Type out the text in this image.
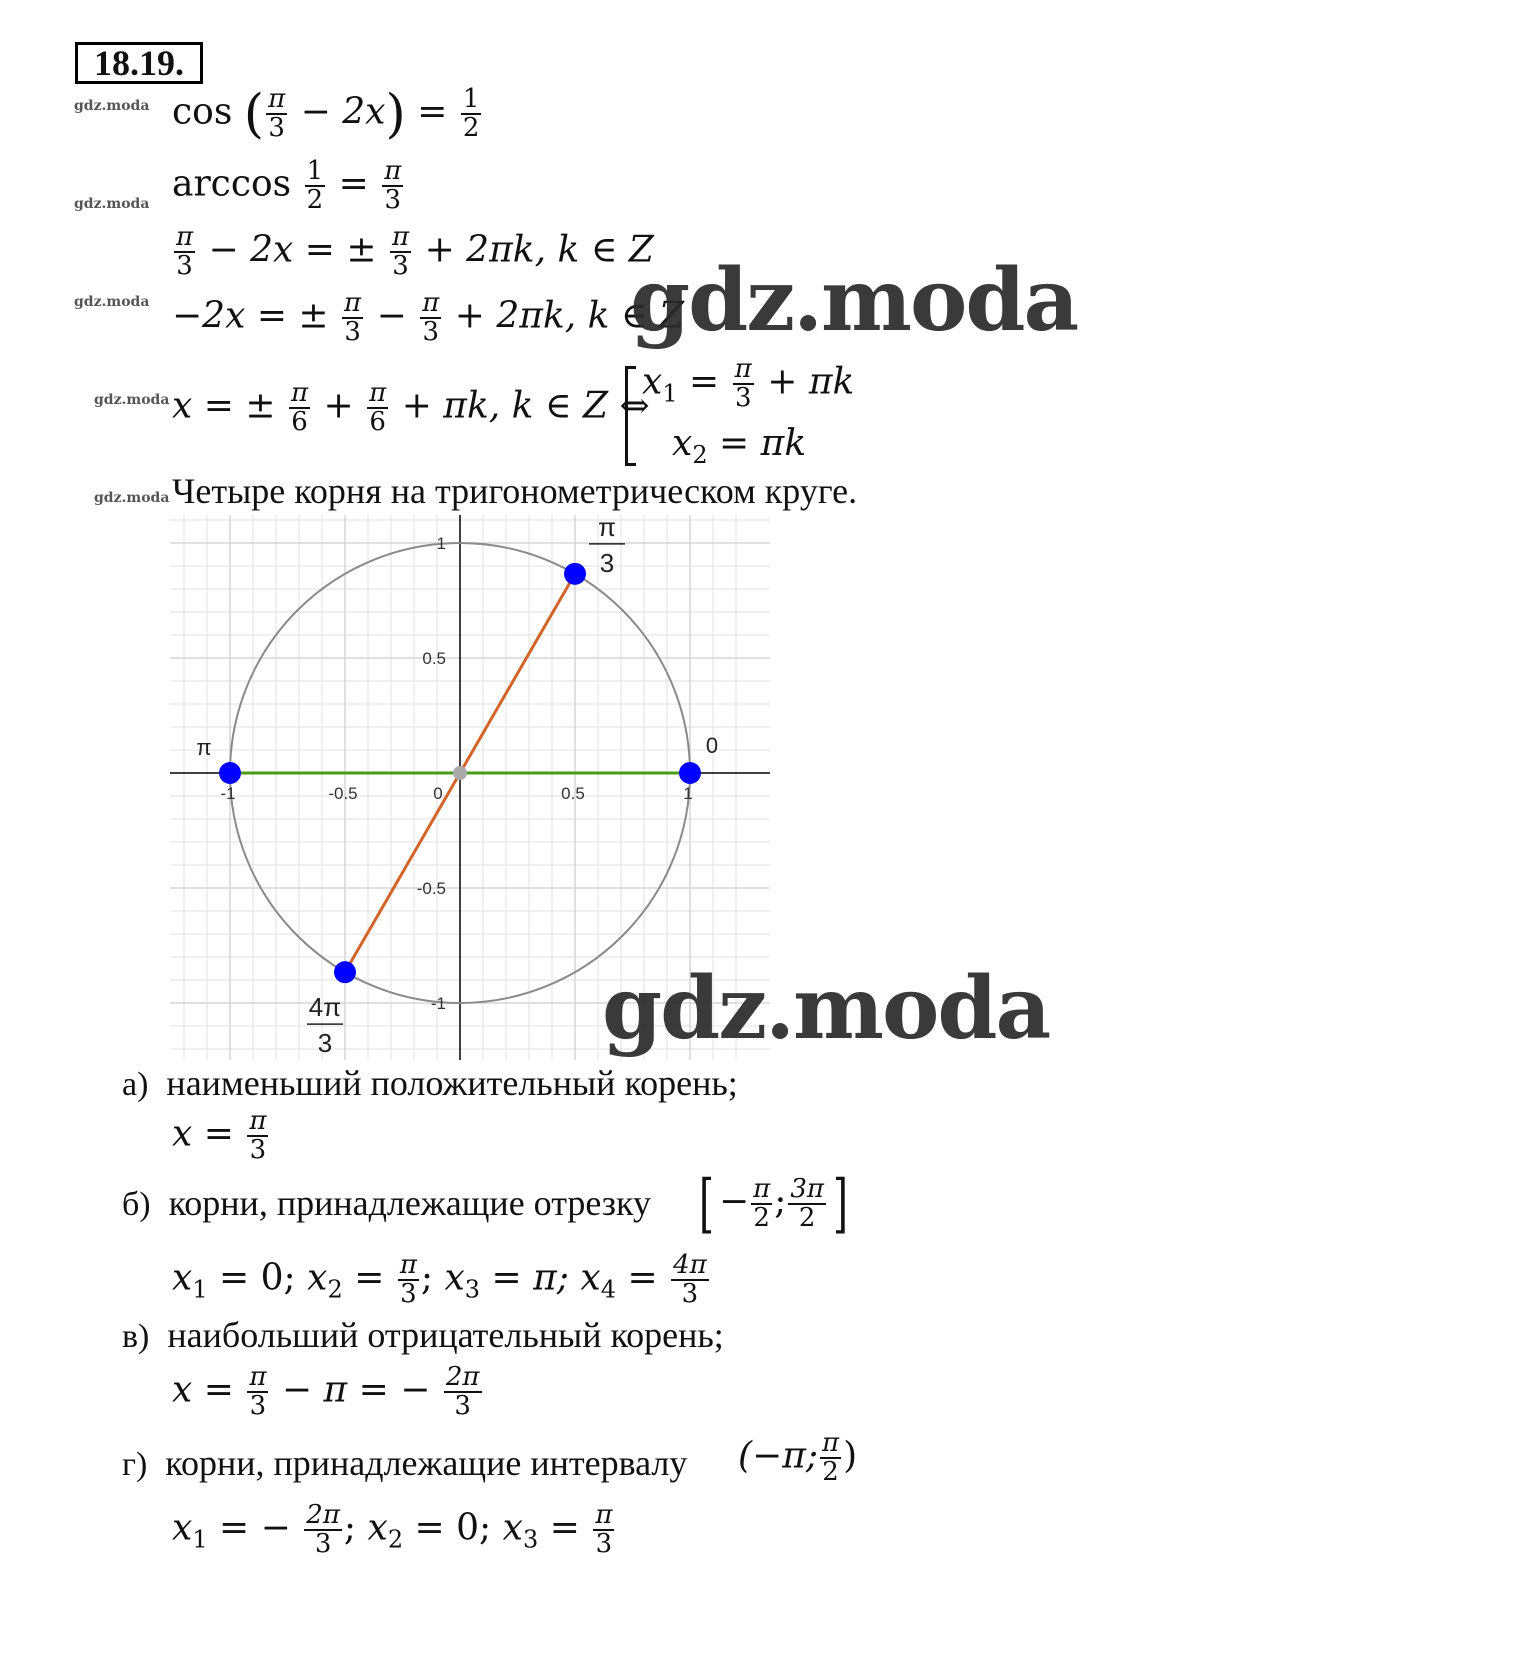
18.19.
gdz.moda
gdz.moda
gdz.moda
gdz.moda
gdz.moda
cos ( $\frac{\pi}{3} - 2x) = \frac{1}{2}$
$\arccos \frac{1}{2} = \frac{\pi}{3}$
$\frac{\pi}{3} - 2x$ = ± $\frac{\pi}{3} + 2\pi k$, k ∈ Z
−2x = ± $\frac{\pi}{3} - \frac{\pi}{3} + 2\pi k$, k ∈ Z
x = ± $\frac{\pi}{6} + \frac{\pi}{6} + \pi k$, k ∈ Z ⇔
$x_1 = \frac{\pi}{3} + \pi k$
$x_2 = \pi k$
gdz.moda
Четыре корня на тригонометрическом круге.
-1	-0.5	0	0.5	1
1
0.5
-0.5
-1
π
3
0
π
4π
3	gdz.moda
а) наименьший положительный корень;
$x = \frac{\pi}{3}$
б) корни, принадлежащие отрезку [ − $\frac{\pi}{2}$ ; $\frac{3\pi}{2}$ ]
$x_1 = 0$; $x_2 = \frac{\pi}{3}$ ; $x_3 = \pi$; $x_4 = \frac{4\pi}{3}$
в) наибольший отрицательный корень;
$x = \frac{\pi}{3} - \pi$ = − $\frac{2\pi}{3}$
г) корни, принадлежащие интервалу (−π; $\frac{\pi}{2}$ )
$x_1$ = − $\frac{2\pi}{3}$ ; $x_2 = 0$; $x_3 = \frac{\pi}{3}$
